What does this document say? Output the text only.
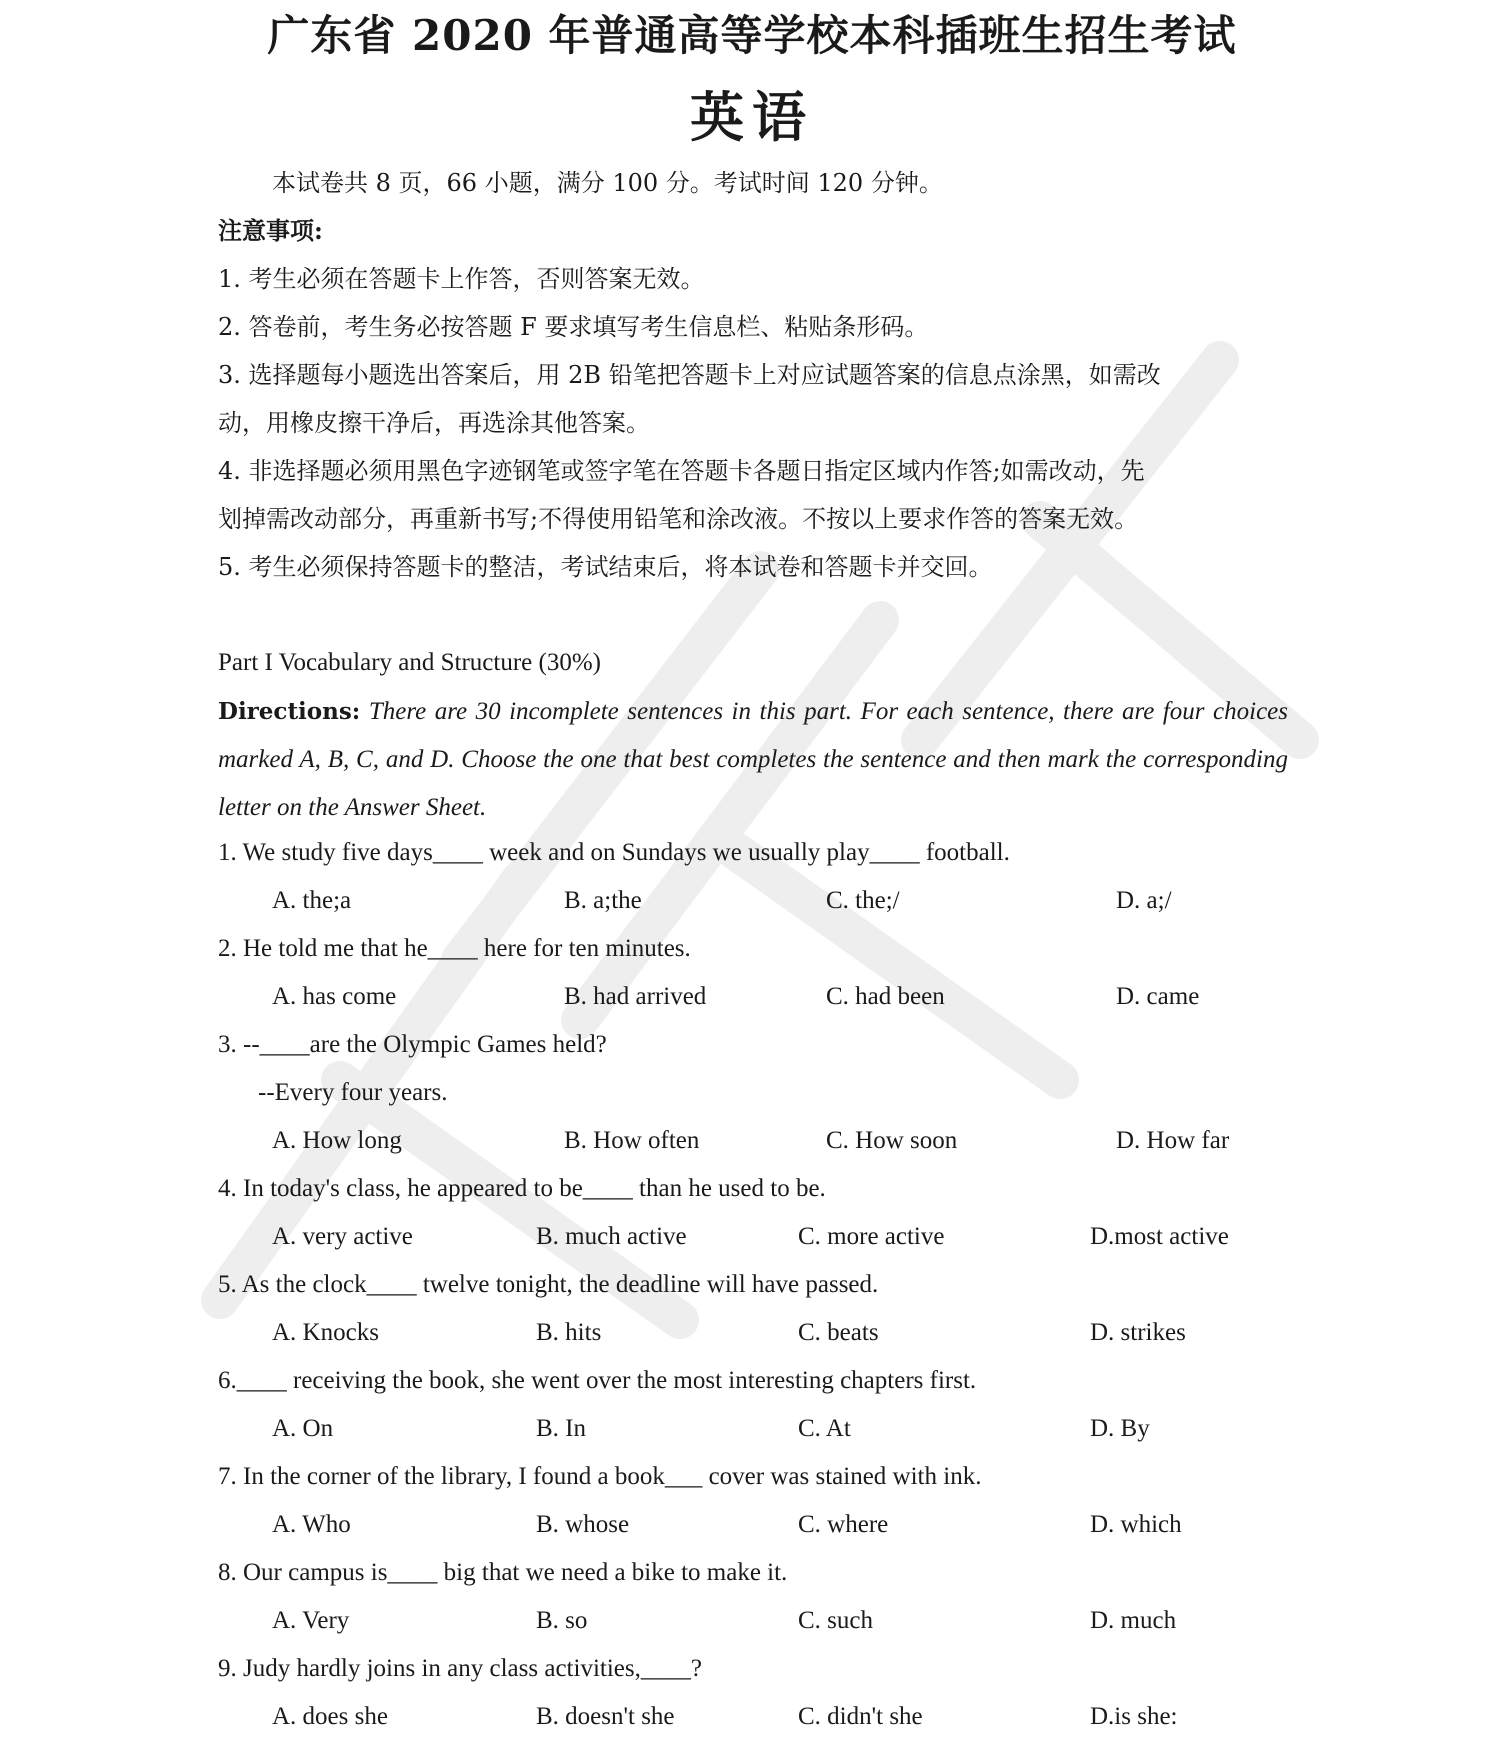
广东省 2020 年普通高等学校本科插班生招生考试
英语
本试卷共 8 页，66 小题，满分 100 分。考试时间 120 分钟。
注意事项:
1. 考生必须在答题卡上作答，否则答案无效。
2. 答卷前，考生务必按答题 F 要求填写考生信息栏、粘贴条形码。
3. 选择题每小题选出答案后，用 2B 铅笔把答题卡上对应试题答案的信息点涂黑，如需改
动，用橡皮擦干净后，再选涂其他答案。
4. 非选择题必须用黑色字迹钢笔或签字笔在答题卡各题日指定区域内作答;如需改动，先
划掉需改动部分，再重新书写;不得使用铅笔和涂改液。不按以上要求作答的答案无效。
5. 考生必须保持答题卡的整洁，考试结束后，将本试卷和答题卡并交回。
Part I Vocabulary and Structure (30%)
Directions: There are 30 incomplete sentences in this part. For each sentence, there are four choices marked A, B, C, and D. Choose the one that best completes the sentence and then mark the corresponding letter on the Answer Sheet.
1. We study five days____ week and on Sundays we usually play____ football.
A. the;a	B. a;the	C. the;/	D. a;/
2. He told me that he____ here for ten minutes.
A. has come	B. had arrived	C. had been	D. came
3. --____are the Olympic Games held?
--Every four years.
A. How long	B. How often	C. How soon	D. How far
4. In today's class, he appeared to be____ than he used to be.
A. very active	B. much active	C. more active	D.most active
5. As the clock____ twelve tonight, the deadline will have passed.
A. Knocks	B. hits	C. beats	D. strikes
6.____ receiving the book, she went over the most interesting chapters first.
A. On	B. In	C. At	D. By
7. In the corner of the library, I found a book___ cover was stained with ink.
A. Who	B. whose	C. where	D. which
8. Our campus is____ big that we need a bike to make it.
A. Very	B. so	C. such	D. much
9. Judy hardly joins in any class activities,____?
A. does she	B. doesn't she	C. didn't she	D.is she:
